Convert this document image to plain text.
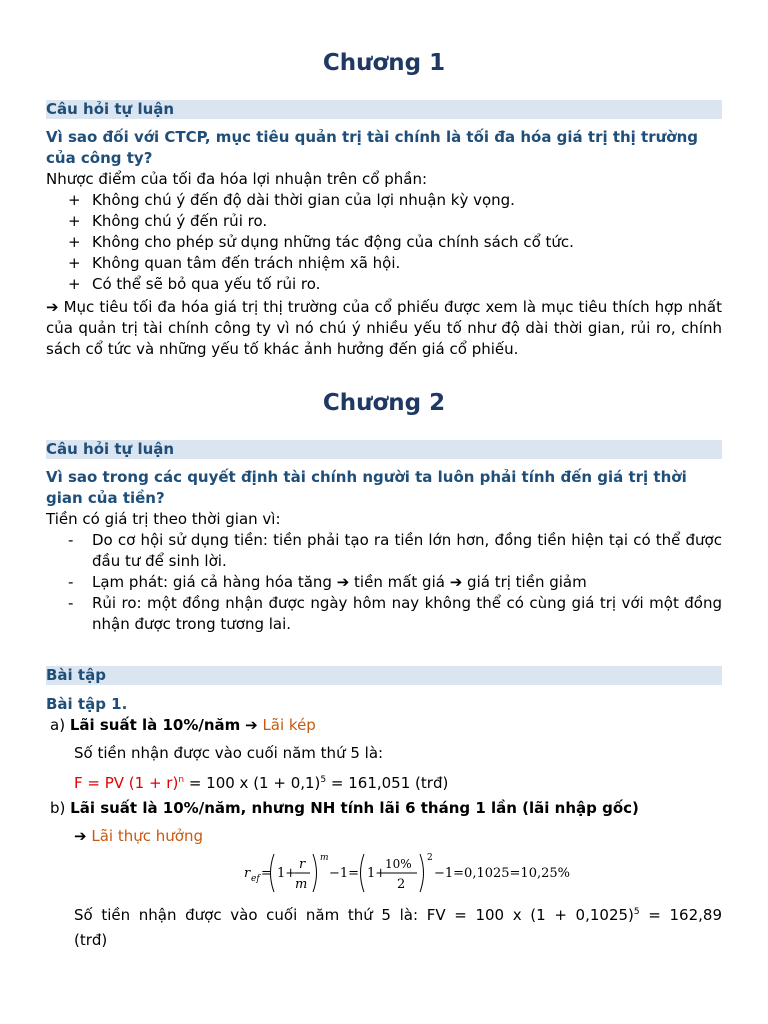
Chương 1
Câu hỏi tự luận
Vì sao đối với CTCP, mục tiêu quản trị tài chính là tối đa hóa giá trị thị trường của công ty?
Nhược điểm của tối đa hóa lợi nhuận trên cổ phần:
+ Không chú ý đến độ dài thời gian của lợi nhuận kỳ vọng.
+ Không chú ý đến rủi ro.
+ Không cho phép sử dụng những tác động của chính sách cổ tức.
+ Không quan tâm đến trách nhiệm xã hội.
+ Có thể sẽ bỏ qua yếu tố rủi ro.
➔ Mục tiêu tối đa hóa giá trị thị trường của cổ phiếu được xem là mục tiêu thích hợp nhất của quản trị tài chính công ty vì nó chú ý nhiều yếu tố như độ dài thời gian, rủi ro, chính sách cổ tức và những yếu tố khác ảnh hưởng đến giá cổ phiếu.
Chương 2
Câu hỏi tự luận
Vì sao trong các quyết định tài chính người ta luôn phải tính đến giá trị thời gian của tiền?
Tiền có giá trị theo thời gian vì:
- Do cơ hội sử dụng tiền: tiền phải tạo ra tiền lớn hơn, đồng tiền hiện tại có thể được đầu tư để sinh lời.
- Lạm phát: giá cả hàng hóa tăng ➔ tiền mất giá ➔ giá trị tiền giảm
- Rủi ro: một đồng nhận được ngày hôm nay không thể có cùng giá trị với một đồng nhận được trong tương lai.
Bài tập
Bài tập 1.
a) Lãi suất là 10%/năm ➔ Lãi kép
Số tiền nhận được vào cuối năm thứ 5 là:
F = PV $(1 + r)^n = 100$ x $(1 + 0,1)^5 = 161,051$ (trđ)
b) Lãi suất là 10%/năm, nhưng NH tính lãi 6 tháng 1 lần (lãi nhập gốc)
➔ Lãi thực hưởng
r ef = 1+
r
m
m
−1= 1+
10%
2
2
−1=0,1025=10,25%
Số tiền nhận được vào cuối năm thứ 5 là: FV = 100 x $(1 + 0,1025)^5 = 162,89$
(trđ)
